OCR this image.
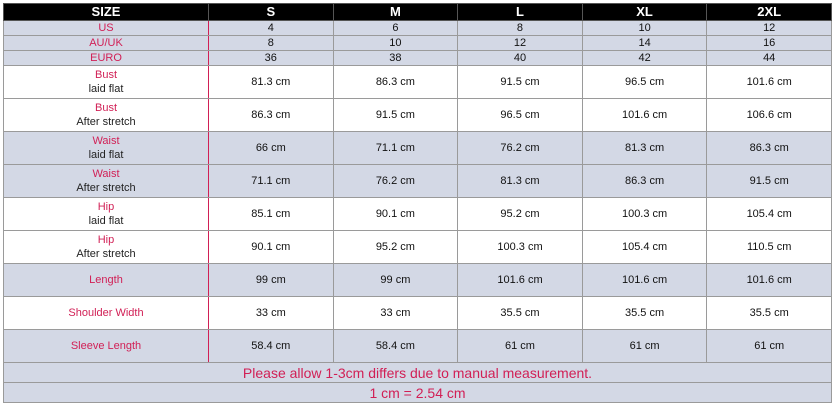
SIZE	S	M	L	XL	2XL
US	4	6	8	10	12
AU/UK	8	10	12	14	16
EURO	36	38	40	42	44

Bust
laid flat	81.3 cm	86.3 cm	91.5 cm	96.5 cm	101.6 cm

Bust
After stretch	86.3 cm	91.5 cm	96.5 cm	101.6 cm	106.6 cm

Waist
laid flat	66 cm	71.1 cm	76.2 cm	81.3 cm	86.3 cm

Waist
After stretch	71.1 cm	76.2 cm	81.3 cm	86.3 cm	91.5 cm

Hip
laid flat	85.1 cm	90.1 cm	95.2 cm	100.3 cm	105.4 cm

Hip
After stretch	90.1 cm	95.2 cm	100.3 cm	105.4 cm	110.5 cm

Length	99 cm	99 cm	101.6 cm	101.6 cm	101.6 cm

Shoulder Width	33 cm	33 cm	35.5 cm	35.5 cm	35.5 cm

Sleeve Length	58.4 cm	58.4 cm	61 cm	61 cm	61 cm
Please allow 1-3cm differs due to manual measurement.					
1 cm = 2.54 cm					
